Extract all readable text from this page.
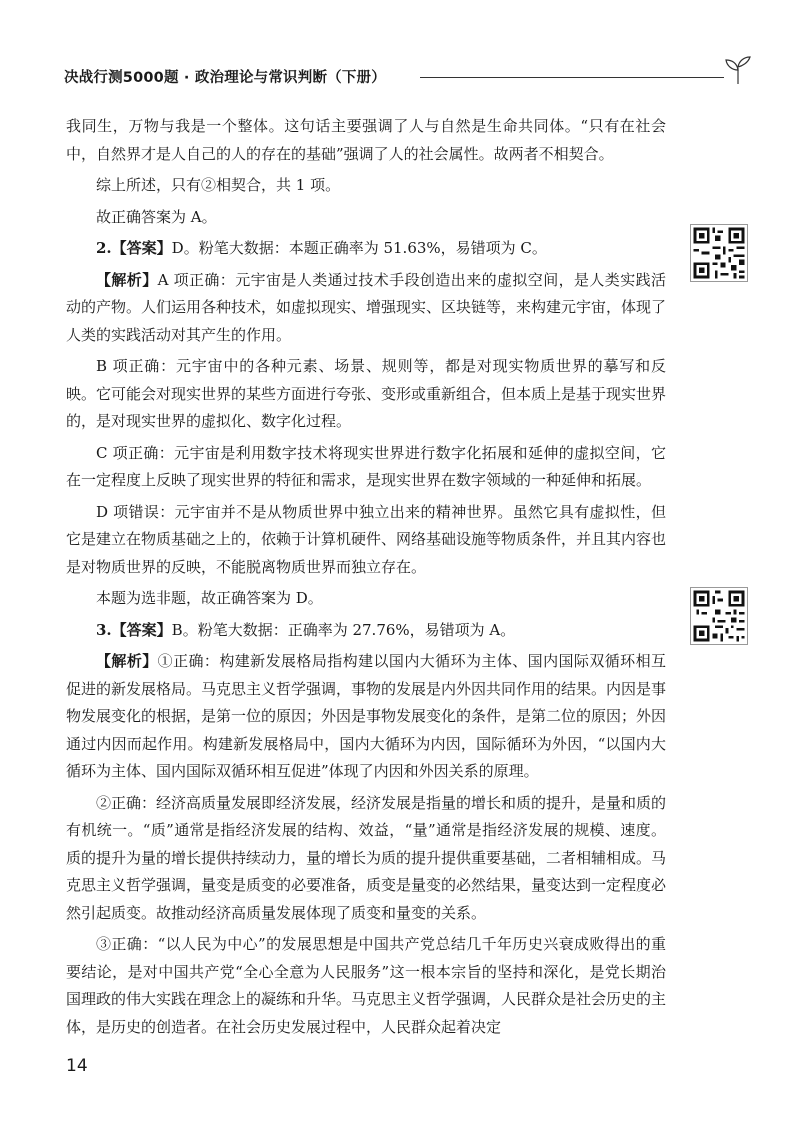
决战行测5000题 · 政治理论与常识判断（下册）

我同生，万物与我是一个整体。这句话主要强调了人与自然是生命共同体。“只有在社会中，自然界才是人自己的人的存在的基础”强调了人的社会属性。故两者不相契合。

综上所述，只有②相契合，共 1 项。

故正确答案为 A。

2.【答案】D。粉笔大数据：本题正确率为 51.63%，易错项为 C。

【解析】A 项正确：元宇宙是人类通过技术手段创造出来的虚拟空间，是人类实践活动的产物。人们运用各种技术，如虚拟现实、增强现实、区块链等，来构建元宇宙，体现了人类的实践活动对其产生的作用。

B 项正确：元宇宙中的各种元素、场景、规则等，都是对现实物质世界的摹写和反映。它可能会对现实世界的某些方面进行夸张、变形或重新组合，但本质上是基于现实世界的，是对现实世界的虚拟化、数字化过程。

C 项正确：元宇宙是利用数字技术将现实世界进行数字化拓展和延伸的虚拟空间，它在一定程度上反映了现实世界的特征和需求，是现实世界在数字领域的一种延伸和拓展。

D 项错误：元宇宙并不是从物质世界中独立出来的精神世界。虽然它具有虚拟性，但它是建立在物质基础之上的，依赖于计算机硬件、网络基础设施等物质条件，并且其内容也是对物质世界的反映，不能脱离物质世界而独立存在。

本题为选非题，故正确答案为 D。

3.【答案】B。粉笔大数据：正确率为 27.76%，易错项为 A。

【解析】①正确：构建新发展格局指构建以国内大循环为主体、国内国际双循环相互促进的新发展格局。马克思主义哲学强调，事物的发展是内外因共同作用的结果。内因是事物发展变化的根据，是第一位的原因；外因是事物发展变化的条件，是第二位的原因；外因通过内因而起作用。构建新发展格局中，国内大循环为内因，国际循环为外因，“以国内大循环为主体、国内国际双循环相互促进”体现了内因和外因关系的原理。

②正确：经济高质量发展即经济发展，经济发展是指量的增长和质的提升，是量和质的有机统一。“质”通常是指经济发展的结构、效益，“量”通常是指经济发展的规模、速度。质的提升为量的增长提供持续动力，量的增长为质的提升提供重要基础，二者相辅相成。马克思主义哲学强调，量变是质变的必要准备，质变是量变的必然结果，量变达到一定程度必然引起质变。故推动经济高质量发展体现了质变和量变的关系。

③正确：“以人民为中心”的发展思想是中国共产党总结几千年历史兴衰成败得出的重要结论，是对中国共产党“全心全意为人民服务”这一根本宗旨的坚持和深化，是党长期治国理政的伟大实践在理念上的凝练和升华。马克思主义哲学强调，人民群众是社会历史的主体，是历史的创造者。在社会历史发展过程中，人民群众起着决定

14
